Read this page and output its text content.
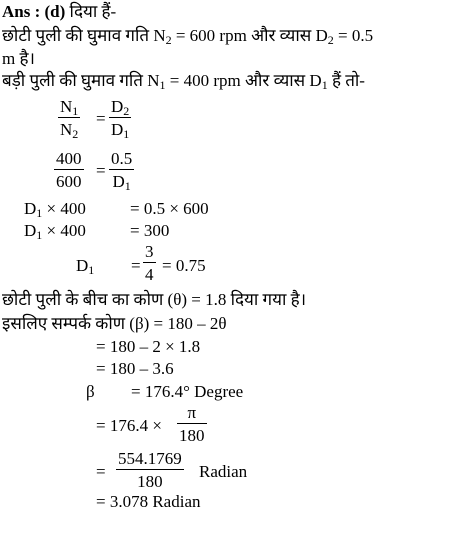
Ans : (d) दिया हैं-
छोटी पुली की घुमाव गति $N_2 = 600$ rpm और व्यास $D_2 = 0.5$
m है।
बड़ी पुली की घुमाव गति $N_1 = 400$ rpm और व्यास $D_1$ हैं तो-
$N_1$
$N_2$
=
$D_2$
$D_1$
400
600
=
0.5
$D_1$
$D_1 \times 400$	= 0.5 × 600
$D_1 \times 400$	= 300
$D_1$ =
3
4 = 0.75
छोटी पुली के बीच का कोण (θ) = 1.8 दिया गया है।
इसलिए सम्पर्क कोण (β) = 180 – 2θ
= 180 – 2 × 1.8
= 180 – 3.6
β = 176.4° Degree
= 176.4 ×
π
180
=
554.1769
180
Radian
= 3.078 Radian
